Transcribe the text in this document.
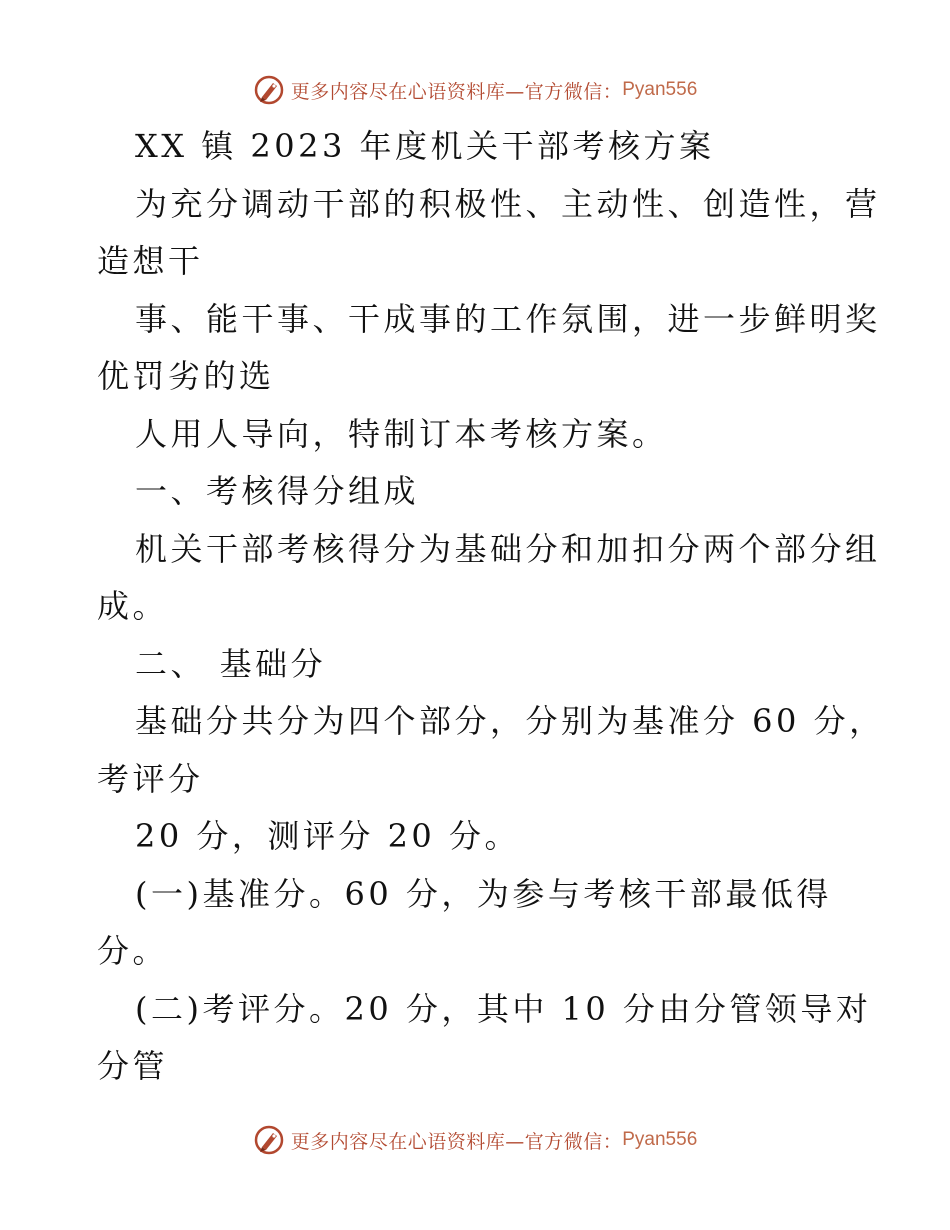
更多内容尽在心语资料库—官方微信： Pyan556
XX 镇 2023 年度机关干部考核方案
为充分调动干部的积极性、主动性、创造性，营
造想干
事、能干事、干成事的工作氛围，进一步鲜明奖
优罚劣的选
人用人导向，特制订本考核方案。
一、考核得分组成
机关干部考核得分为基础分和加扣分两个部分组
成。
二、 基础分
基础分共分为四个部分，分别为基准分 60 分，
考评分
20 分，测评分 20 分。
(一)基准分。60 分，为参与考核干部最低得
分。
(二)考评分。20 分，其中 10 分由分管领导对
分管
更多内容尽在心语资料库—官方微信： Pyan556
